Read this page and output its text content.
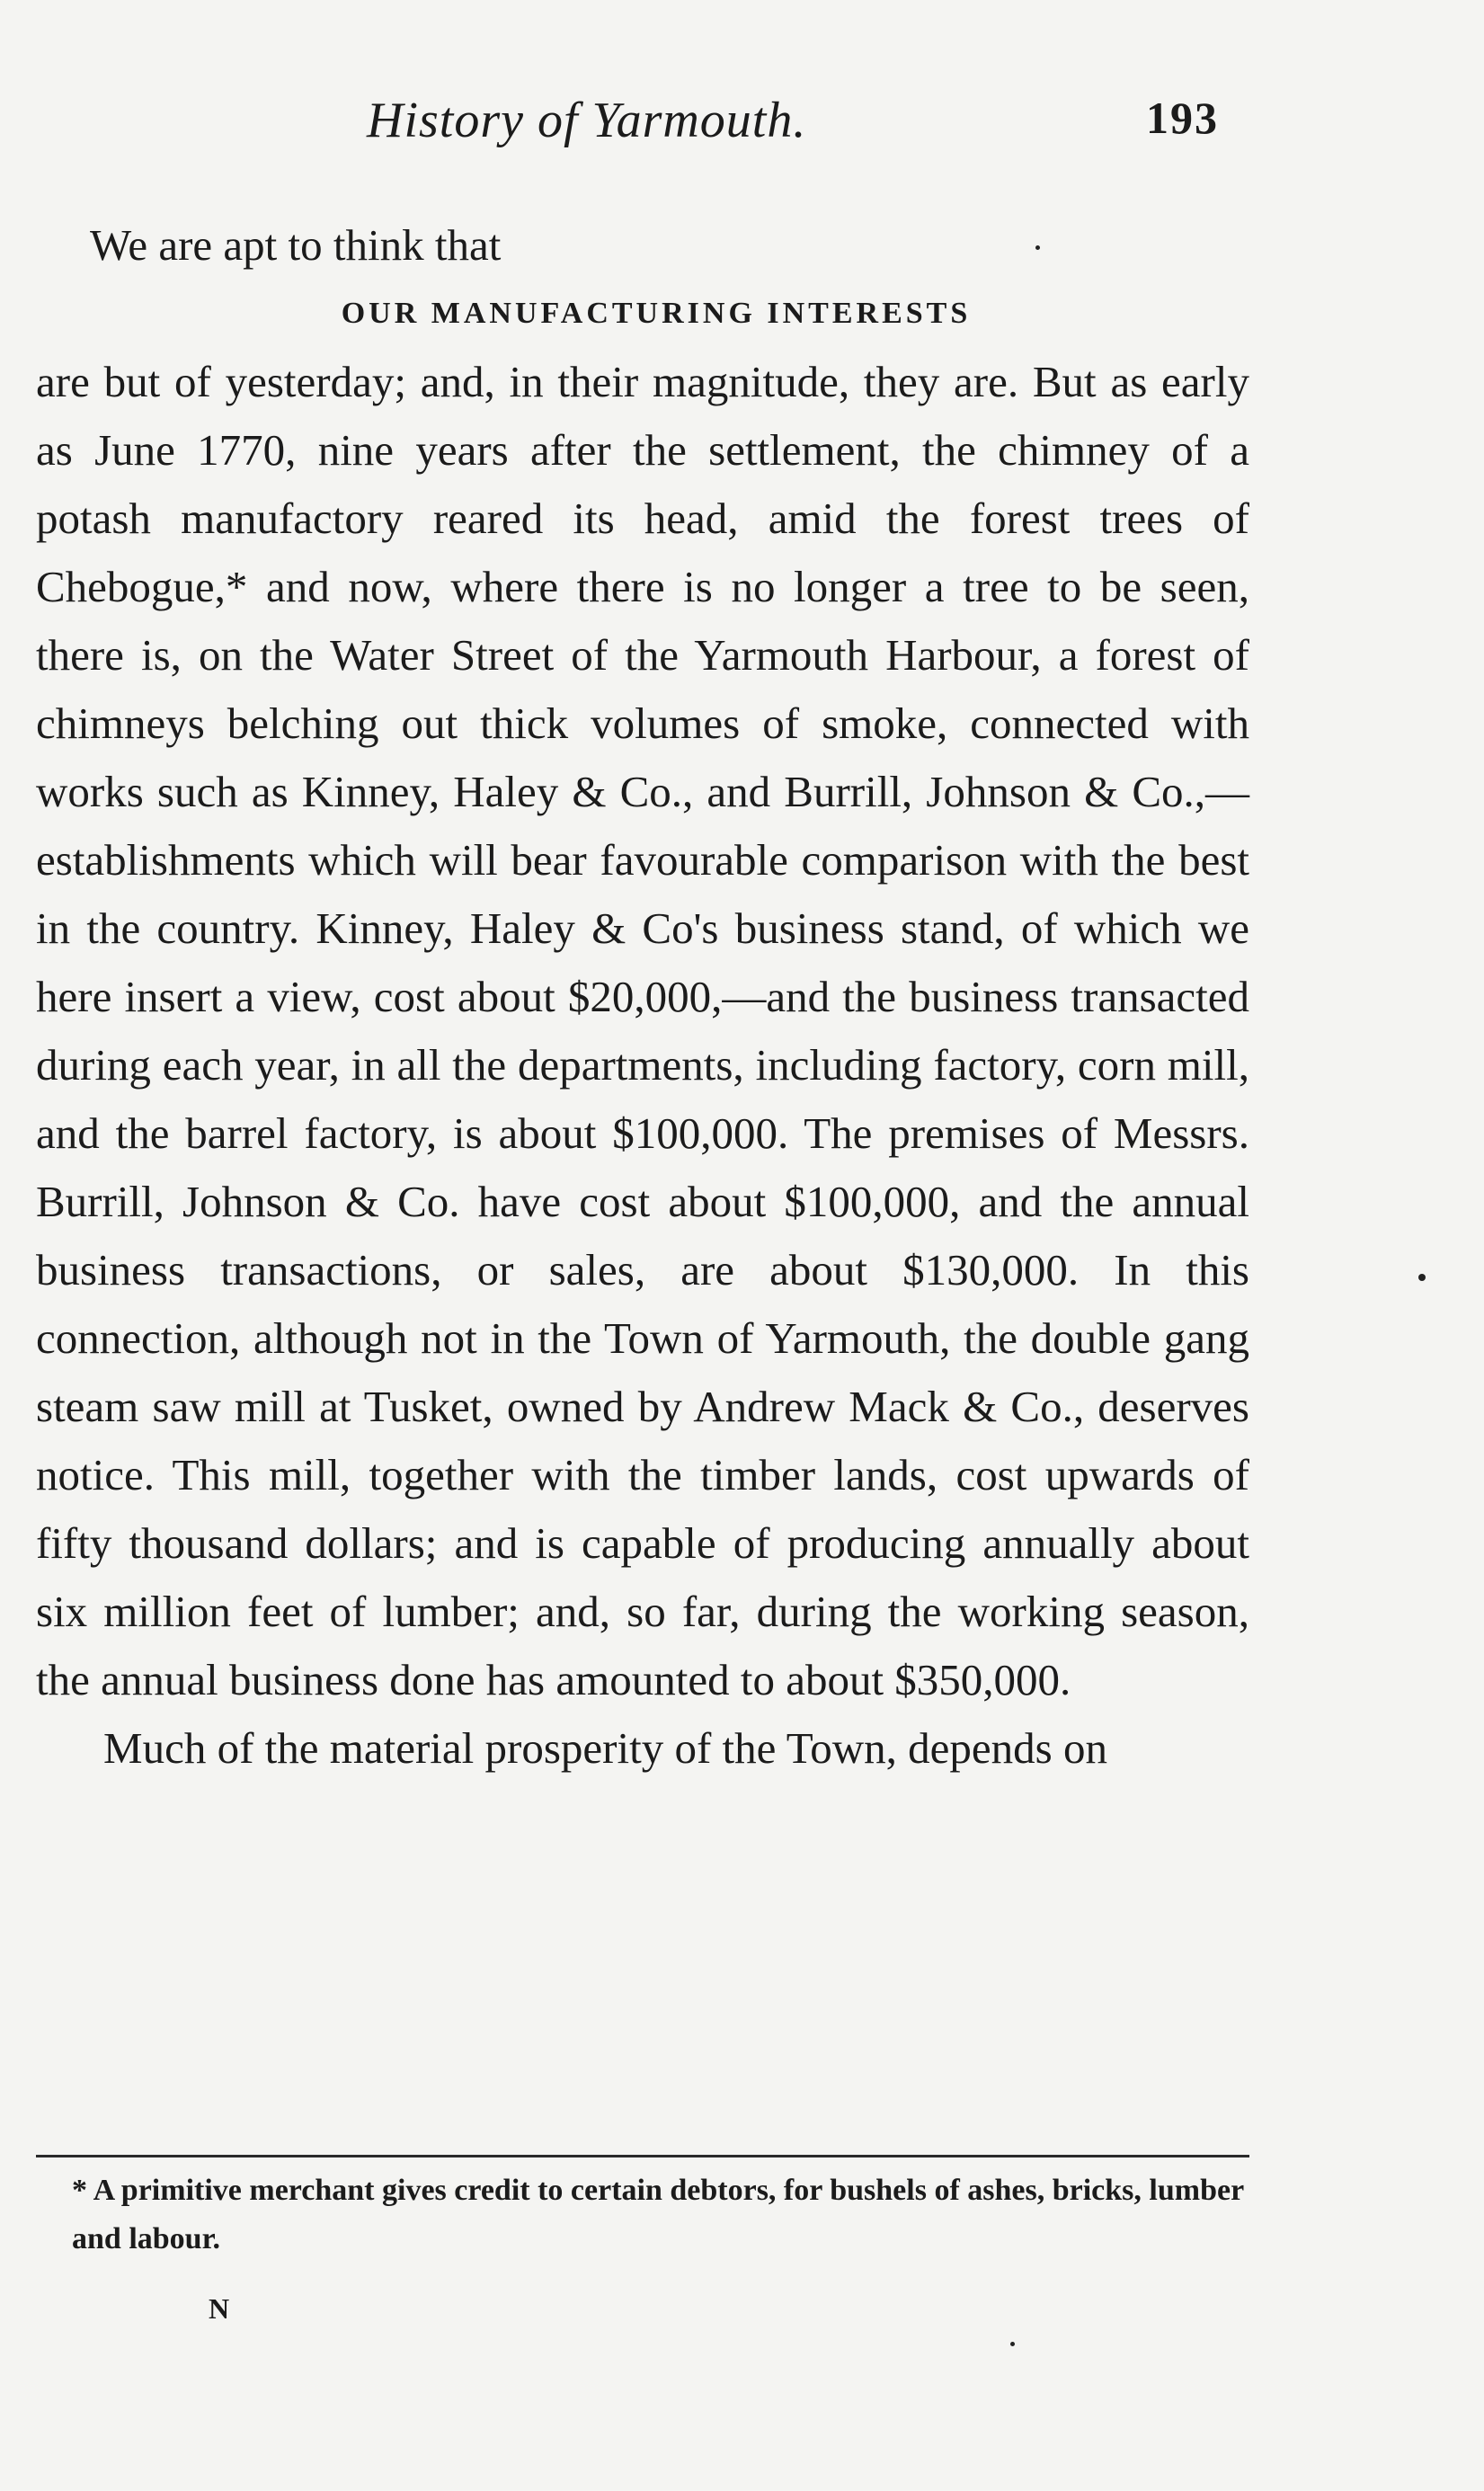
History of Yarmouth.	193

We are apt to think that

OUR MANUFACTURING INTERESTS

are but of yesterday; and, in their magnitude, they are. But as early as June 1770, nine years after the settlement, the chimney of a potash manufactory reared its head, amid the forest trees of Chebogue,* and now, where there is no longer a tree to be seen, there is, on the Water Street of the Yarmouth Harbour, a forest of chimneys belching out thick volumes of smoke, connected with works such as Kinney, Haley & Co., and Burrill, Johnson & Co.,—establishments which will bear favourable comparison with the best in the country. Kinney, Haley & Co's business stand, of which we here insert a view, cost about $20,000,—and the business transacted during each year, in all the departments, including factory, corn mill, and the barrel factory, is about $100,000. The premises of Messrs. Burrill, Johnson & Co. have cost about $100,000, and the annual business transactions, or sales, are about $130,000. In this connection, although not in the Town of Yarmouth, the double gang steam saw mill at Tusket, owned by Andrew Mack & Co., deserves notice. This mill, together with the timber lands, cost upwards of fifty thousand dollars; and is capable of producing annually about six million feet of lumber; and, so far, during the working season, the annual business done has amounted to about $350,000.

Much of the material prosperity of the Town, depends on

* A primitive merchant gives credit to certain debtors, for bushels of ashes, bricks, lumber and labour.
N
